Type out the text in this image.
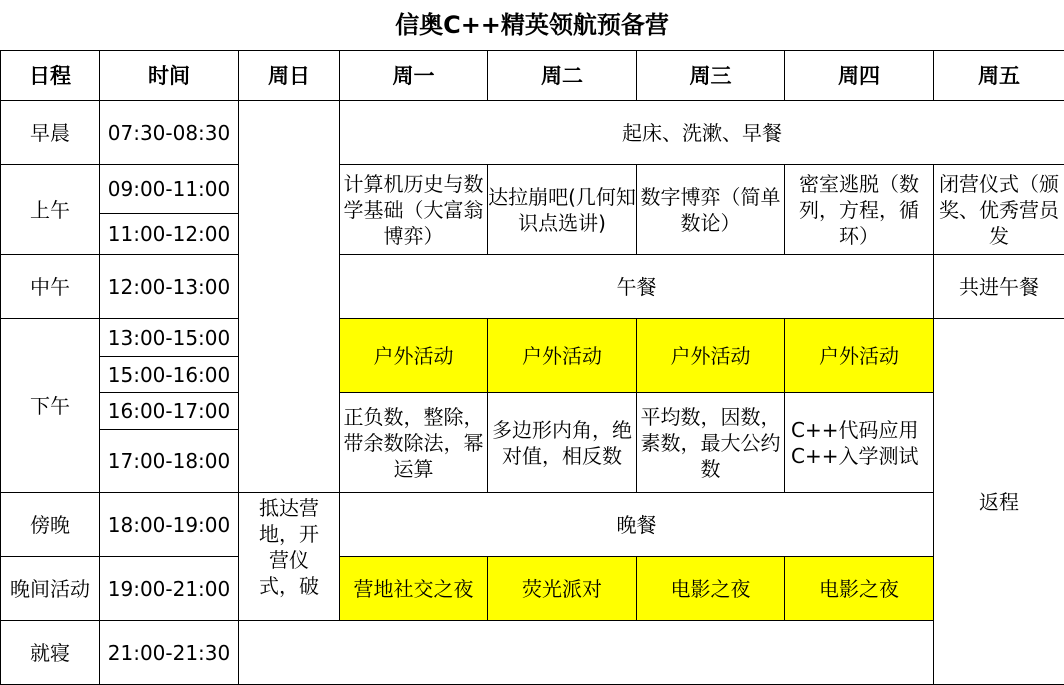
信奥C++精英领航预备营
日程	时间	周日	周一	周二	周三	周四	周五
早晨	07:30-08:30		起床、洗漱、早餐				
上午	09:00-11:00		计算机历史与数学基础（大富翁博弈）	达拉崩吧(几何知识点选讲)	数字博弈（简单数论）	密室逃脱（数列，方程，循环）	闭营仪式（颁奖、优秀营员发

	11:00-12:00						
中午	12:00-13:00		午餐				共进午餐
下午	13:00-15:00		户外活动	户外活动	户外活动	户外活动	返程
	15:00-16:00						
	16:00-17:00		正负数，整除，带余数除法，幂运算	多边形内角，绝对值，相反数	平均数，因数，素数，最大公约数	C++代码应用
C++入学测试	

	17:00-18:00						
傍晚	18:00-19:00	抵达营地，开营仪式，破	晚餐				
晚间活动	19:00-21:00		营地社交之夜	荧光派对	电影之夜	电影之夜	
就寝	21:00-21:30						
